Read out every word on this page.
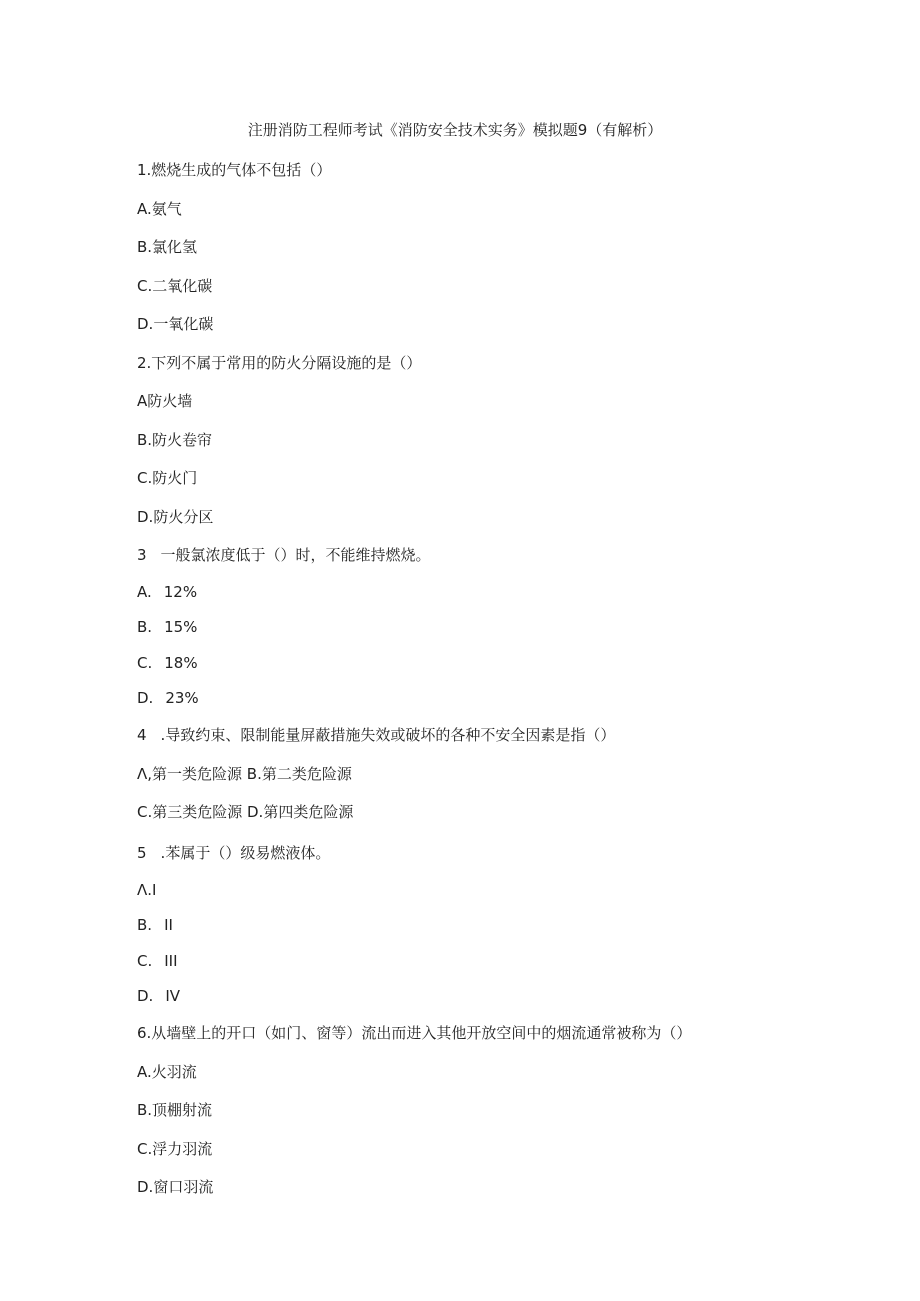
注册消防工程师考试《消防安全技术实务》模拟题9（有解析）
1.燃烧生成的气体不包括（）
A.氨气
B.氯化氢
C.二氧化碳
D.一氧化碳
2.下列不属于常用的防火分隔设施的是（）
A防火墙
B.防火卷帘
C.防火门
D.防火分区
3 一般氯浓度低于（）时，不能维持燃烧。
A. 12%
B. 15%
C. 18%
D. 23%
4 .导致约束、限制能量屏蔽措施失效或破坏的各种不安全因素是指（）
Λ,第一类危险源 B.第二类危险源
C.第三类危险源 D.第四类危险源
5 .苯属于（）级易燃液体。
Λ.I
B. II
C. III
D. IV
6.从墙壁上的开口（如门、窗等）流出而进入其他开放空间中的烟流通常被称为（）
A.火羽流
B.顶棚射流
C.浮力羽流
D.窗口羽流
